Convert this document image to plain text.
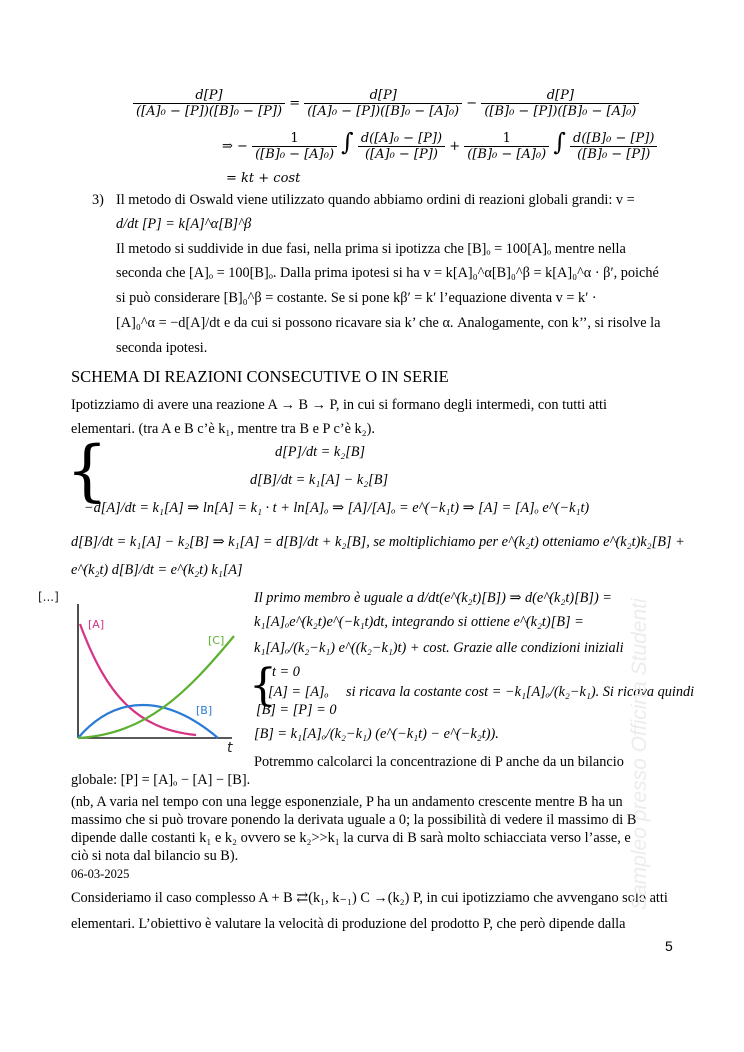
$\frac{d[P]}{\text{([A]₀ − [P])([B]₀ − [P])}} = \frac{d[P]}{\text{([A]₀ − [P])([B]₀ − [A]₀)}} - \frac{d[P]}{\text{([B]₀ − [P])([B]₀ − [A]₀)}}$
⇒ − $\frac{1}{\text{([B]₀ − [A]₀)}}$ ∫ $\frac{\text{d([A]₀ − [P])}}{\text{([A]₀ − [P])}} + \frac{1}{\text{([B]₀ − [A]₀)}}$ ∫ $\frac{\text{d([B]₀ − [P])}}{\text{([B]₀ − [P])}}$
= kt + cost
3) Il metodo di Oswald viene utilizzato quando abbiamo ordini di reazioni globali grandi: v =
d/dt [P] = k[A]^α[B]^β
Il metodo si suddivide in due fasi, nella prima si ipotizza che [B]ₒ = 100[A]ₒ mentre nella
seconda che [A]ₒ = 100[B]ₒ. Dalla prima ipotesi si ha v = k[A]₀^α[B]₀^β = k[A]₀^α · β′, poiché
si può considerare [B]₀^β = costante. Se si pone kβ′ = k′ l’equazione diventa v = k′ ·
[A]₀^α = −d[A]/dt e da cui si possono ricavare sia k’ che α. Analogamente, con k’’, si risolve la
seconda ipotesi.
SCHEMA DI REAZIONI CONSECUTIVE O IN SERIE
Ipotizziamo di avere una reazione A → B → P, in cui si formano degli intermedi, con tutti atti
elementari. (tra A e B c’è k₁, mentre tra B e P c’è k₂).
{	d[P]/dt = k₂[B]
d[B]/dt = k₁[A] − k₂[B]
−d[A]/dt = k₁[A] ⇒ ln[A] = k₁ · t + ln[A]ₒ ⇒ [A]/[A]ₒ = e^(−k₁t) ⇒ [A] = [A]ₒ e^(−k₁t)
d[B]/dt = k₁[A] − k₂[B] ⇒ k₁[A] = d[B]/dt + k₂[B], se moltiplichiamo per e^(k₂t) otteniamo e^(k₂t)k₂[B] +
e^(k₂t) d[B]/dt = e^(k₂t) k₁[A]
[...]
t
[A]
[C]
[B]
Il primo membro è uguale a d/dt(e^(k₂t)[B]) ⇒ d(e^(k₂t)[B]) =
k₁[A]ₒe^(k₂t)e^(−k₁t)dt, integrando si ottiene e^(k₂t)[B] =
k₁[A]ₒ/(k₂−k₁) e^((k₂−k₁)t) + cost. Grazie alle condizioni iniziali
{
t = 0
[A] = [A]ₒ si ricava la costante cost = −k₁[A]ₒ/(k₂−k₁). Si ricava quindi
[B] = [P] = 0
[B] = k₁[A]ₒ/(k₂−k₁) (e^(−k₁t) − e^(−k₂t)).
Potremmo calcolarci la concentrazione di P anche da un bilancio
globale: [P] = [A]ₒ − [A] − [B].
(nb, A varia nel tempo con una legge esponenziale, P ha un andamento crescente mentre B ha un
massimo che si può trovare ponendo la derivata uguale a 0; la possibilità di vedere il massimo di B
dipende dalle costanti k₁ e k₂ ovvero se k₂>>k₁ la curva di B sarà molto schiacciata verso l’asse, e
ciò si nota dal bilancio su B).
06-03-2025
Consideriamo il caso complesso A + B ⇄(k₁, k₋₁) C →(k₂) P, in cui ipotizziamo che avvengano solo atti
elementari. L’obiettivo è valutare la velocità di produzione del prodotto P, che però dipende dalla
Sampleo presso Officina Studenti
5
